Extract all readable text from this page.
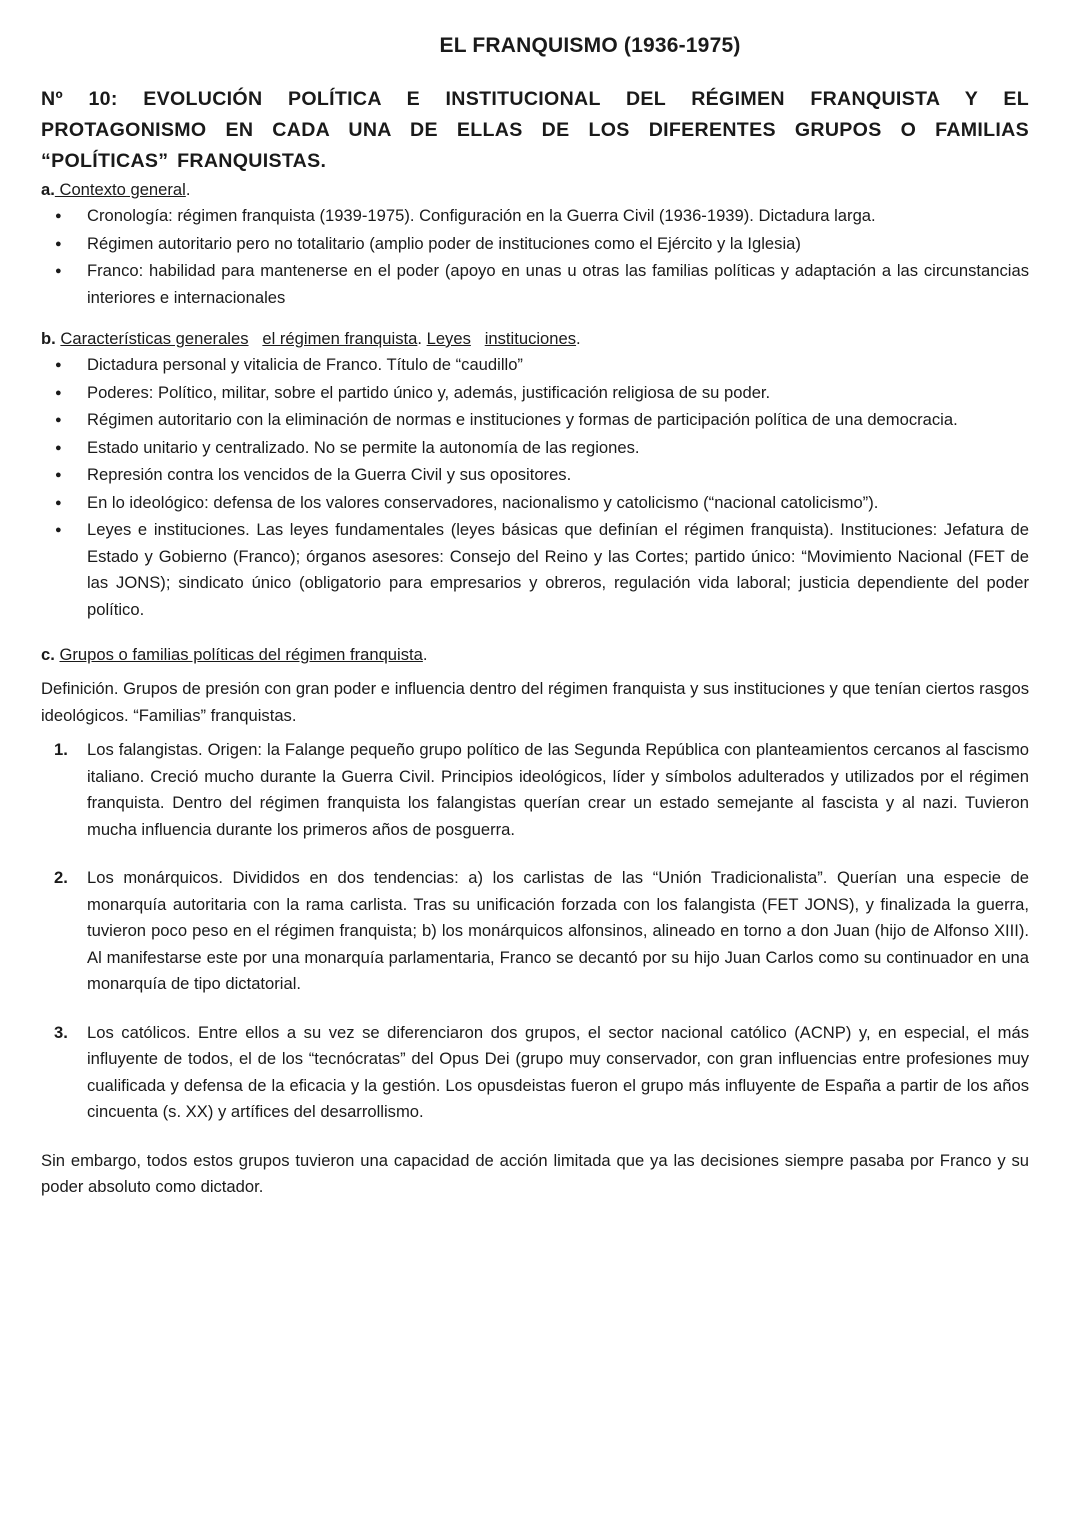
EL FRANQUISMO (1936-1975)

Nº 10: EVOLUCIÓN POLÍTICA E INSTITUCIONAL DEL RÉGIMEN FRANQUISTA Y EL PROTAGONISMO EN CADA UNA DE ELLAS DE LOS DIFERENTES GRUPOS O FAMILIAS “POLÍTICAS” FRANQUISTAS.

a. Contexto general.

● Cronología: régimen franquista (1939-1975). Configuración en la Guerra Civil (1936-1939). Dictadura larga.
● Régimen autoritario pero no totalitario (amplio poder de instituciones como el Ejército y la Iglesia)
● Franco: habilidad para mantenerse en el poder (apoyo en unas u otras las familias políticas y adaptación a las circunstancias interiores e internacionales

b. Características generales el régimen franquista. Leyes instituciones.

● Dictadura personal y vitalicia de Franco. Título de “caudillo”
● Poderes: Político, militar, sobre el partido único y, además, justificación religiosa de su poder.
● Régimen autoritario con la eliminación de normas e instituciones y formas de participación política de una democracia.
● Estado unitario y centralizado. No se permite la autonomía de las regiones.
● Represión contra los vencidos de la Guerra Civil y sus opositores.
● En lo ideológico: defensa de los valores conservadores, nacionalismo y catolicismo (“nacional catolicismo”).
● Leyes e instituciones. Las leyes fundamentales (leyes básicas que definían el régimen franquista). Instituciones: Jefatura de Estado y Gobierno (Franco); órganos asesores: Consejo del Reino y las Cortes; partido único: “Movimiento Nacional (FET de las JONS); sindicato único (obligatorio para empresarios y obreros, regulación vida laboral; justicia dependiente del poder político.

c. Grupos o familias políticas del régimen franquista.

Definición. Grupos de presión con gran poder e influencia dentro del régimen franquista y sus instituciones y que tenían ciertos rasgos ideológicos. “Familias” franquistas.

1. Los falangistas. Origen: la Falange pequeño grupo político de las Segunda República con planteamientos cercanos al fascismo italiano. Creció mucho durante la Guerra Civil. Principios ideológicos, líder y símbolos adulterados y utilizados por el régimen franquista. Dentro del régimen franquista los falangistas querían crear un estado semejante al fascista y al nazi. Tuvieron mucha influencia durante los primeros años de posguerra.
2. Los monárquicos. Divididos en dos tendencias: a) los carlistas de las “Unión Tradicionalista”. Querían una especie de monarquía autoritaria con la rama carlista. Tras su unificación forzada con los falangista (FET JONS), y finalizada la guerra, tuvieron poco peso en el régimen franquista; b) los monárquicos alfonsinos, alineado en torno a don Juan (hijo de Alfonso XIII). Al manifestarse este por una monarquía parlamentaria, Franco se decantó por su hijo Juan Carlos como su continuador en una monarquía de tipo dictatorial.
3. Los católicos. Entre ellos a su vez se diferenciaron dos grupos, el sector nacional católico (ACNP) y, en especial, el más influyente de todos, el de los “tecnócratas” del Opus Dei (grupo muy conservador, con gran influencias entre profesiones muy cualificada y defensa de la eficacia y la gestión. Los opusdeistas fueron el grupo más influyente de España a partir de los años cincuenta (s. XX) y artífices del desarrollismo.

Sin embargo, todos estos grupos tuvieron una capacidad de acción limitada que ya las decisiones siempre pasaba por Franco y su poder absoluto como dictador.
